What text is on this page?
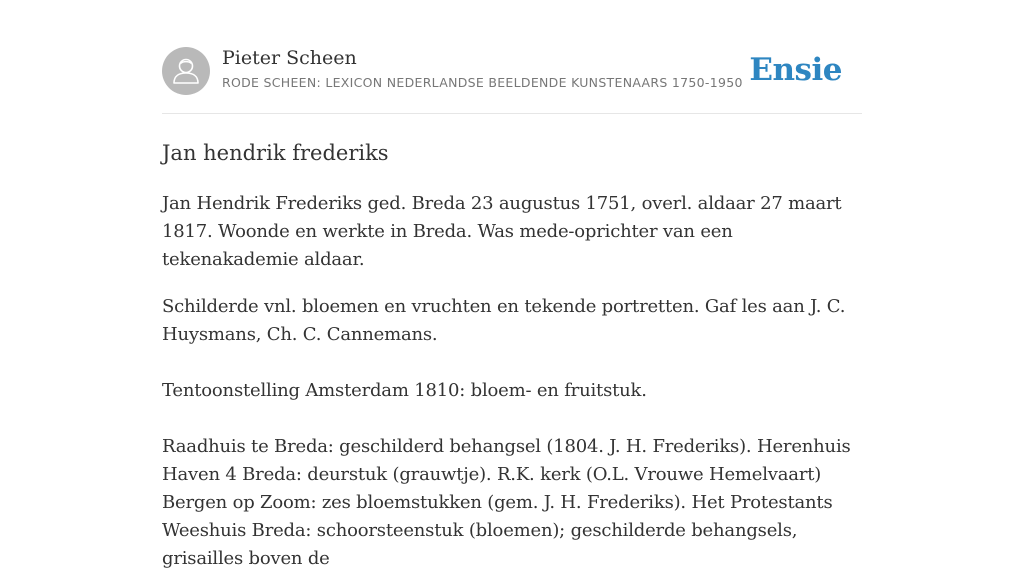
Pieter Scheen
RODE SCHEEN: LEXICON NEDERLANDSE BEELDENDE KUNSTENAARS 1750-1950 Ensie
Jan hendrik frederiks

Jan Hendrik Frederiks ged. Breda 23 augustus 1751, overl. aldaar 27 maart 1817. Woonde en werkte in Breda. Was mede-oprichter van een tekenakademie aldaar.

Schilderde vnl. bloemen en vruchten en tekende portretten. Gaf les aan J. C. Huysmans, Ch. C. Cannemans.

Tentoonstelling Amsterdam 1810: bloem- en fruitstuk.

Raadhuis te Breda: geschilderd behangsel (1804. J. H. Frederiks). Herenhuis Haven 4 Breda: deurstuk (grauwtje). R.K. kerk (O.L. Vrouwe Hemelvaart) Bergen op Zoom: zes bloemstukken (gem. J. H. Frederiks). Het Protestants Weeshuis Breda: schoorsteenstuk (bloemen); geschilderde behangsels, grisailles boven de
